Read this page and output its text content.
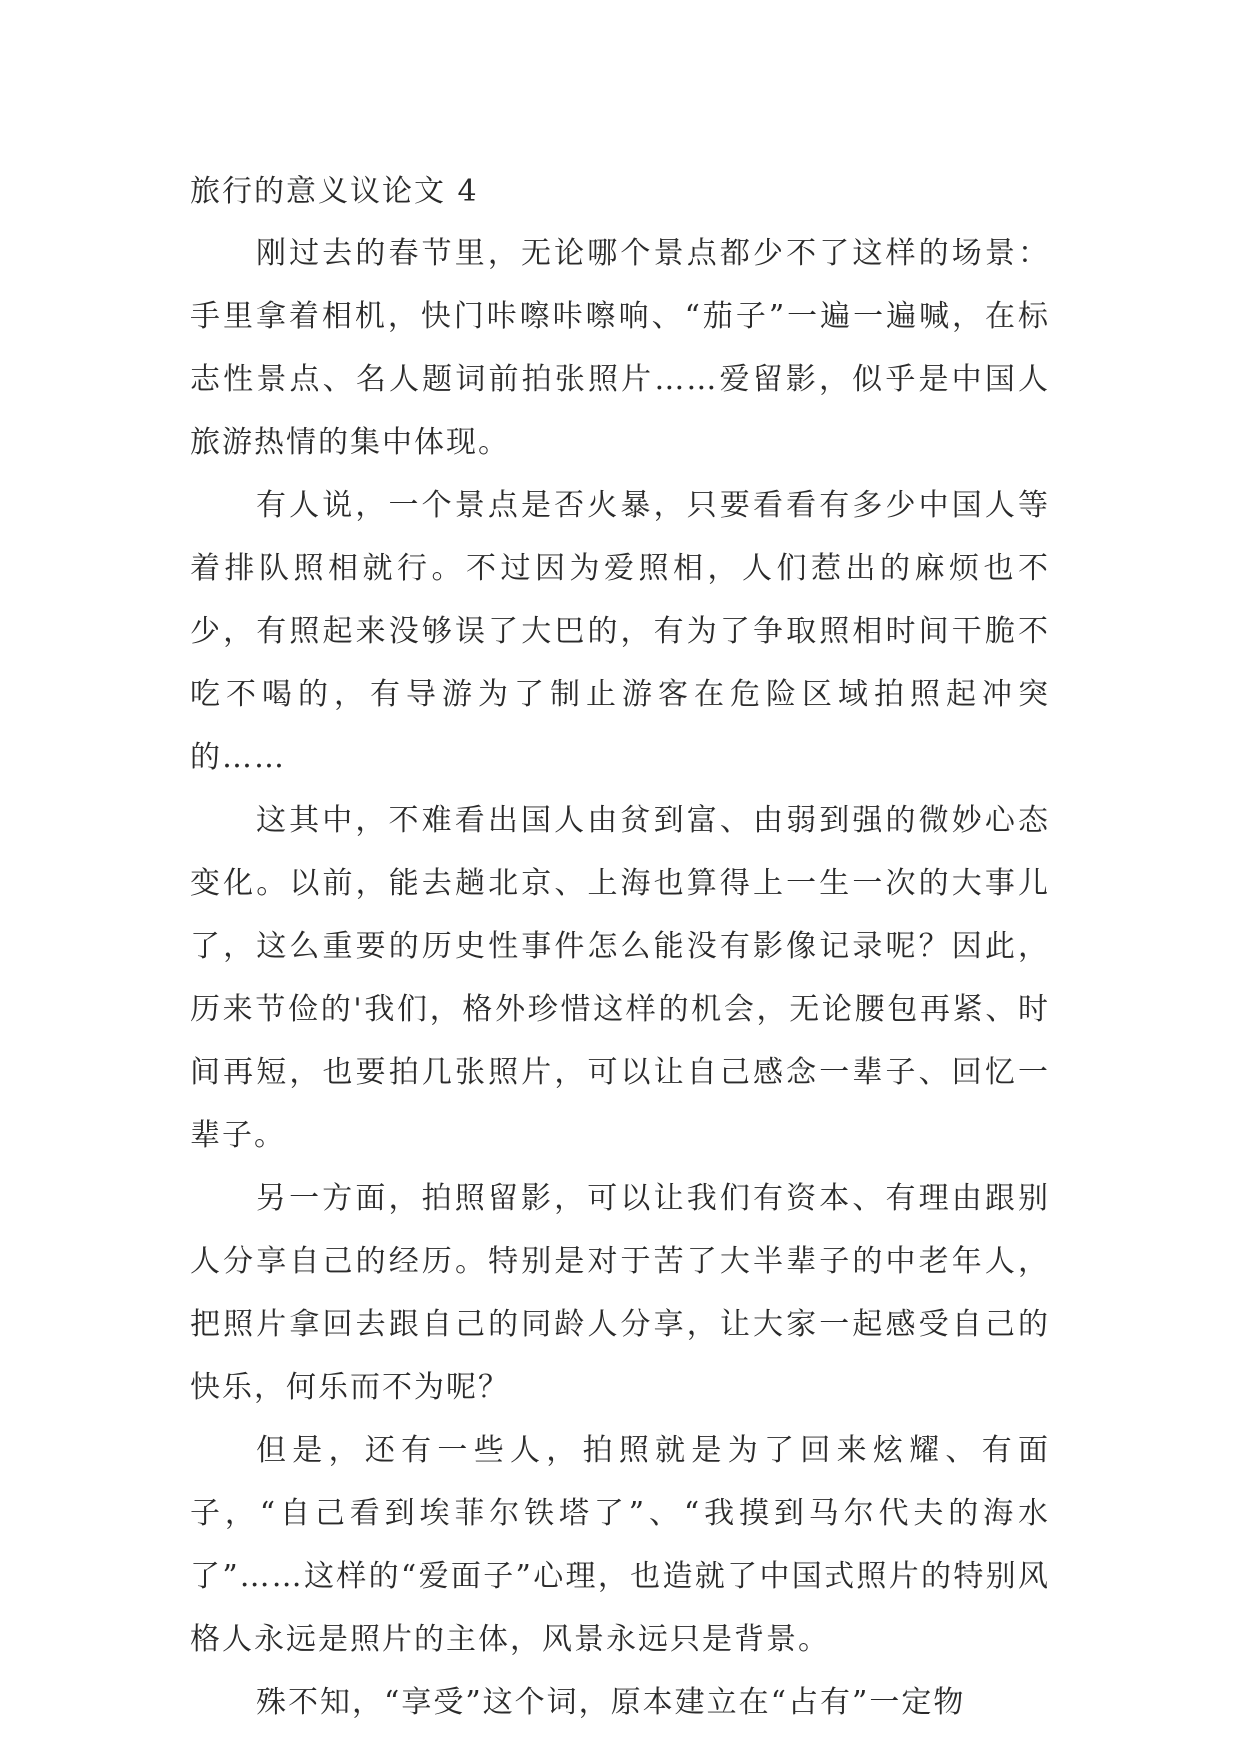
旅行的意义议论文 4

刚过去的春节里，无论哪个景点都少不了这样的场景：手里拿着相机，快门咔嚓咔嚓响、“茄子”一遍一遍喊，在标志性景点、名人题词前拍张照片……爱留影，似乎是中国人旅游热情的集中体现。

有人说，一个景点是否火暴，只要看看有多少中国人等着排队照相就行。不过因为爱照相，人们惹出的麻烦也不少，有照起来没够误了大巴的，有为了争取照相时间干脆不吃不喝的，有导游为了制止游客在危险区域拍照起冲突的……

这其中，不难看出国人由贫到富、由弱到强的微妙心态变化。以前，能去趟北京、上海也算得上一生一次的大事儿了，这么重要的历史性事件怎么能没有影像记录呢？因此，历来节俭的'我们，格外珍惜这样的机会，无论腰包再紧、时间再短，也要拍几张照片，可以让自己感念一辈子、回忆一辈子。

另一方面，拍照留影，可以让我们有资本、有理由跟别人分享自己的经历。特别是对于苦了大半辈子的中老年人，把照片拿回去跟自己的同龄人分享，让大家一起感受自己的快乐，何乐而不为呢？

但是，还有一些人，拍照就是为了回来炫耀、有面子，“自己看到埃菲尔铁塔了”、“我摸到马尔代夫的海水了”……这样的“爱面子”心理，也造就了中国式照片的特别风格人永远是照片的主体，风景永远只是背景。

殊不知，“享受”这个词，原本建立在“占有”一定物
